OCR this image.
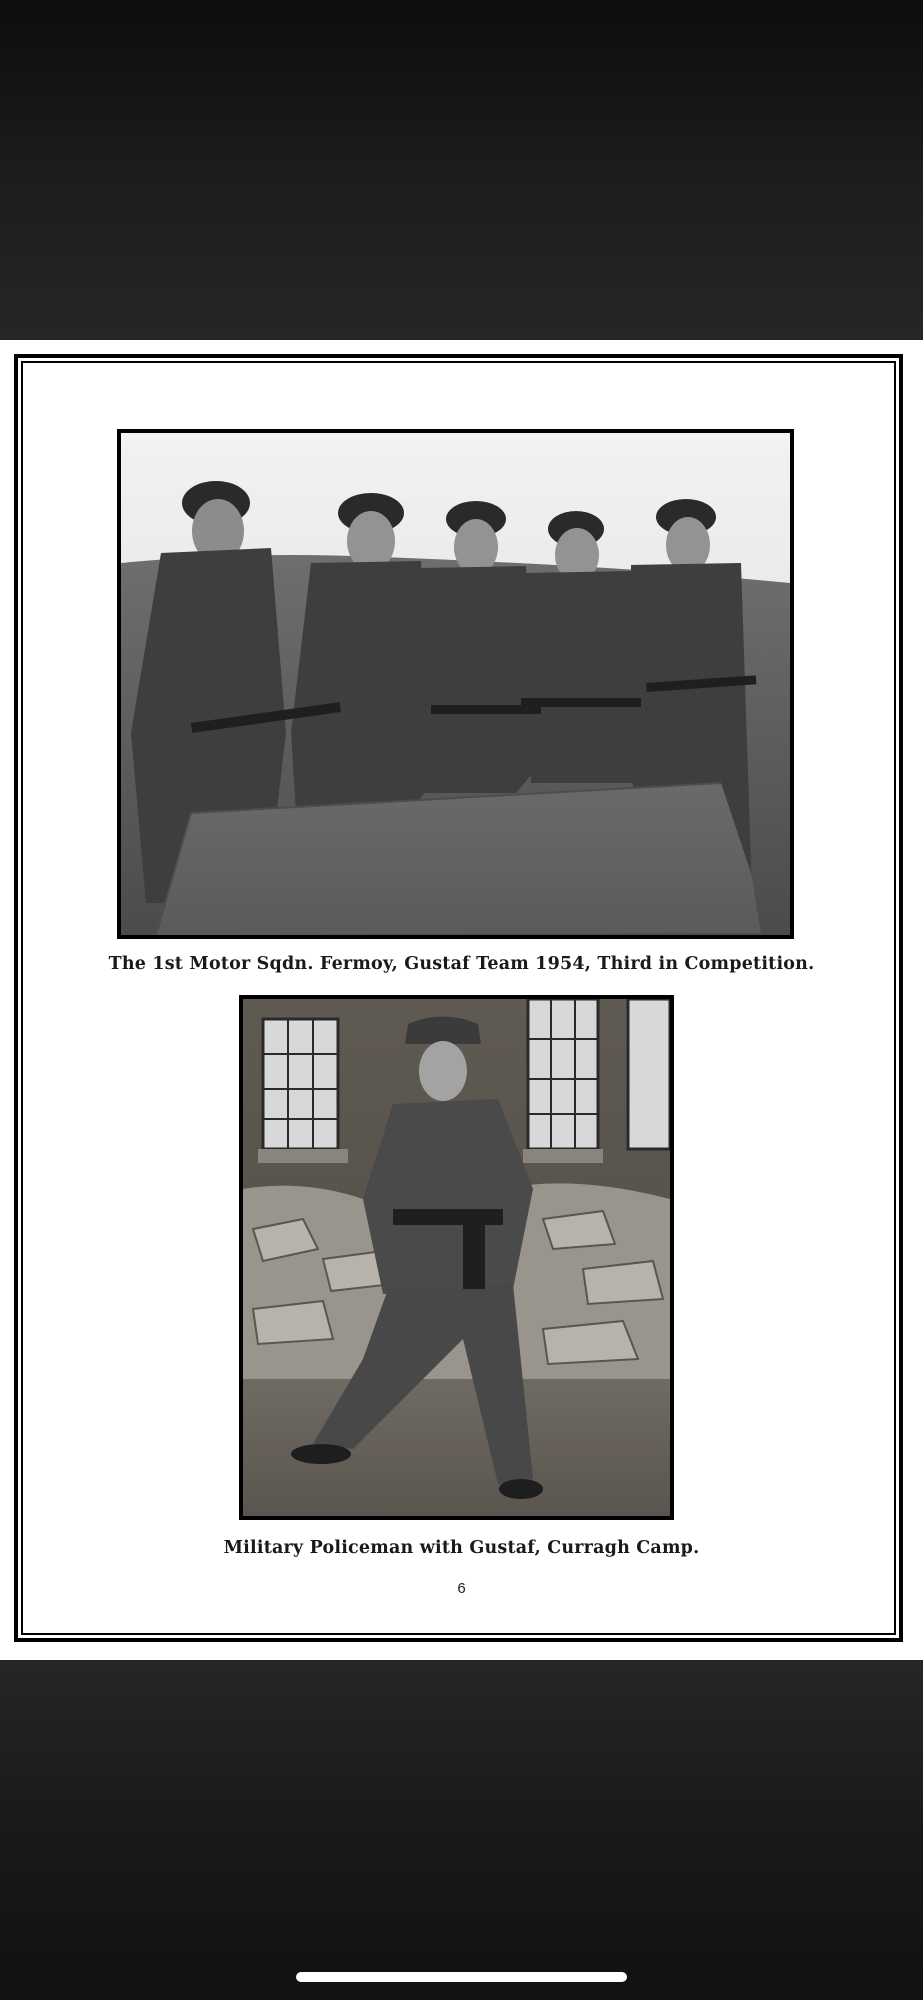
The 1st Motor Sqdn. Fermoy, Gustaf Team 1954, Third in Competition.
Military Policeman with Gustaf, Curragh Camp.
6
